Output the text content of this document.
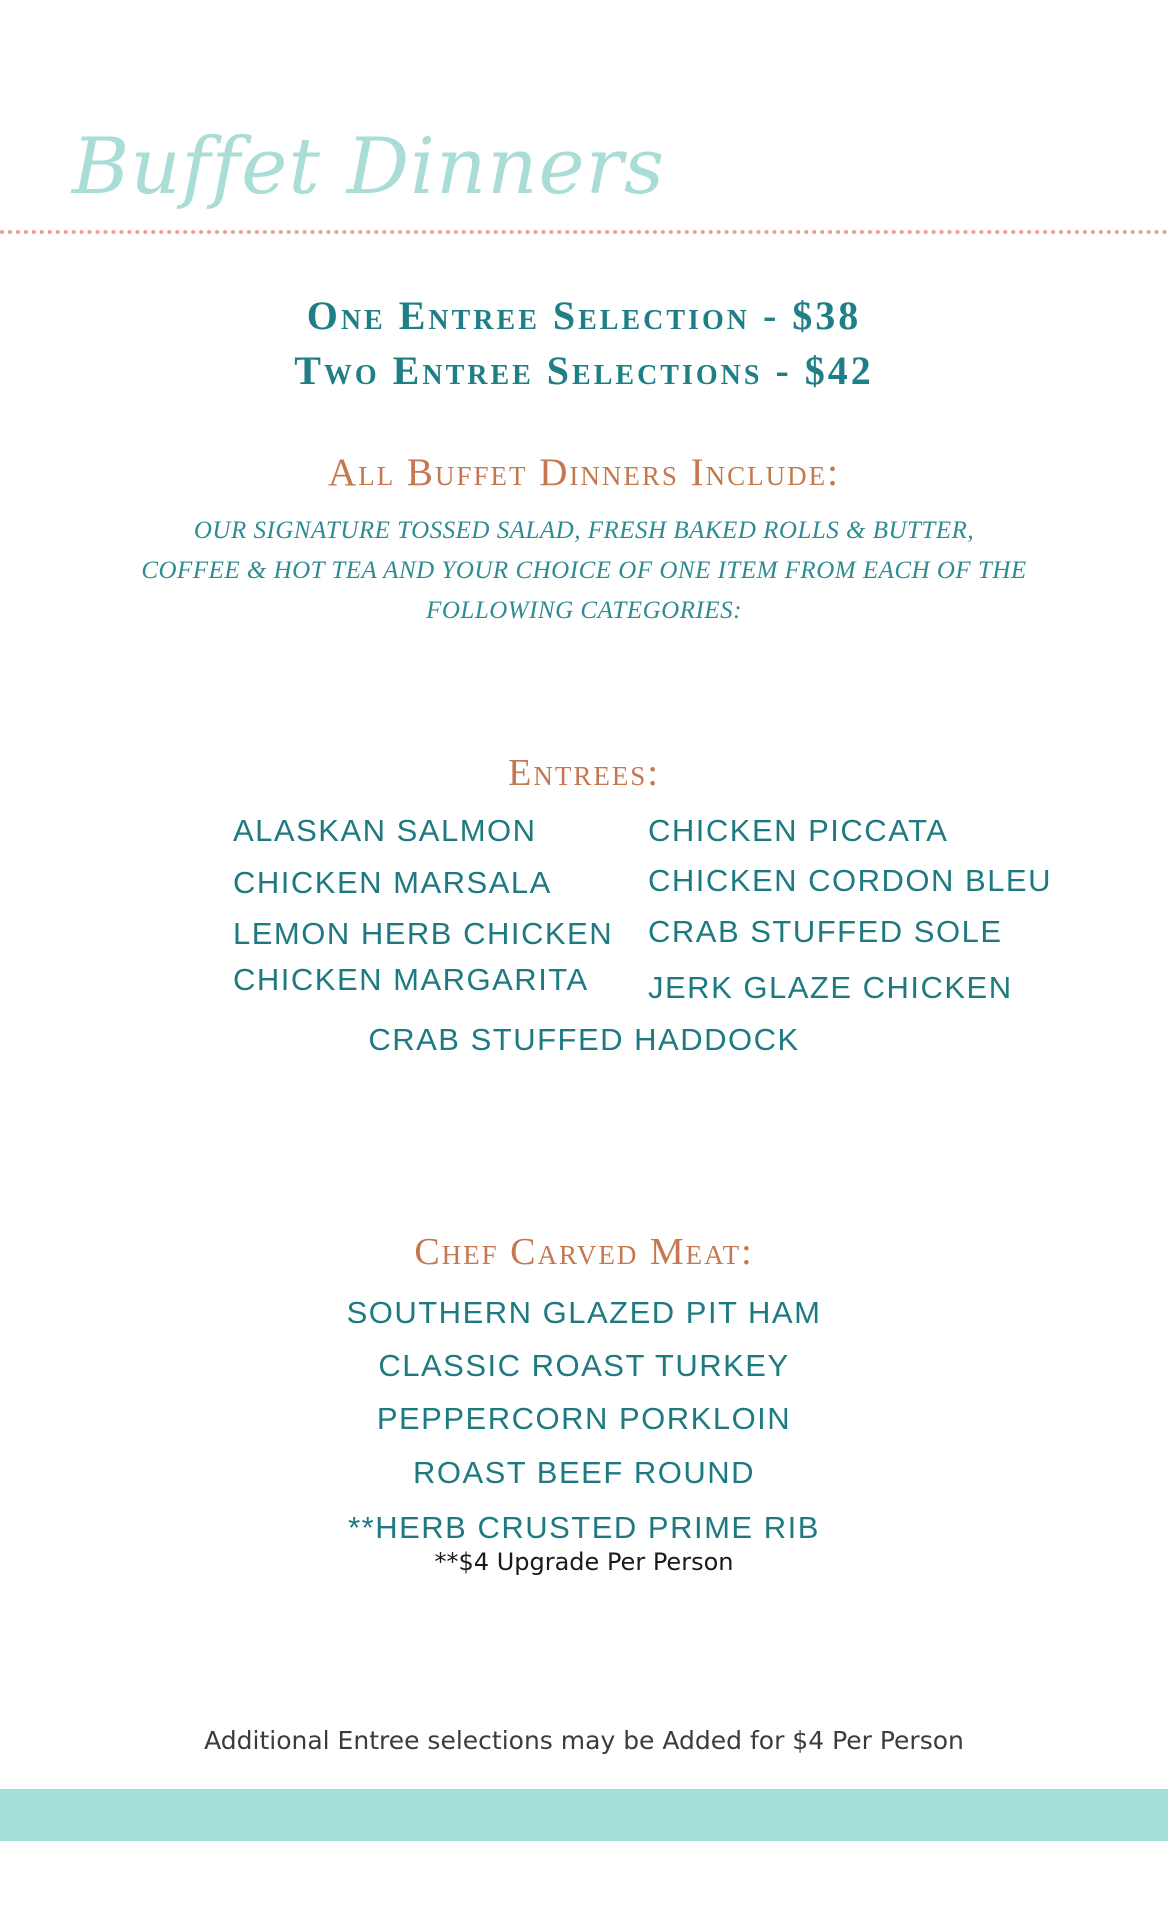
Buffet Dinners
One Entree Selection - $38
Two Entree Selections - $42
All Buffet Dinners Include:
OUR SIGNATURE TOSSED SALAD, FRESH BAKED ROLLS & BUTTER,
COFFEE & HOT TEA AND YOUR CHOICE OF ONE ITEM FROM EACH OF THE
FOLLOWING CATEGORIES:
Entrees:
ALASKAN SALMON
CHICKEN MARSALA
LEMON HERB CHICKEN
CHICKEN MARGARITA
CHICKEN PICCATA
CHICKEN CORDON BLEU
CRAB STUFFED SOLE
JERK GLAZE CHICKEN
CRAB STUFFED HADDOCK
Chef Carved Meat:
SOUTHERN GLAZED PIT HAM
CLASSIC ROAST TURKEY
PEPPERCORN PORKLOIN
ROAST BEEF ROUND
**HERB CRUSTED PRIME RIB
**$4 Upgrade Per Person
Additional Entree selections may be Added for $4 Per Person
